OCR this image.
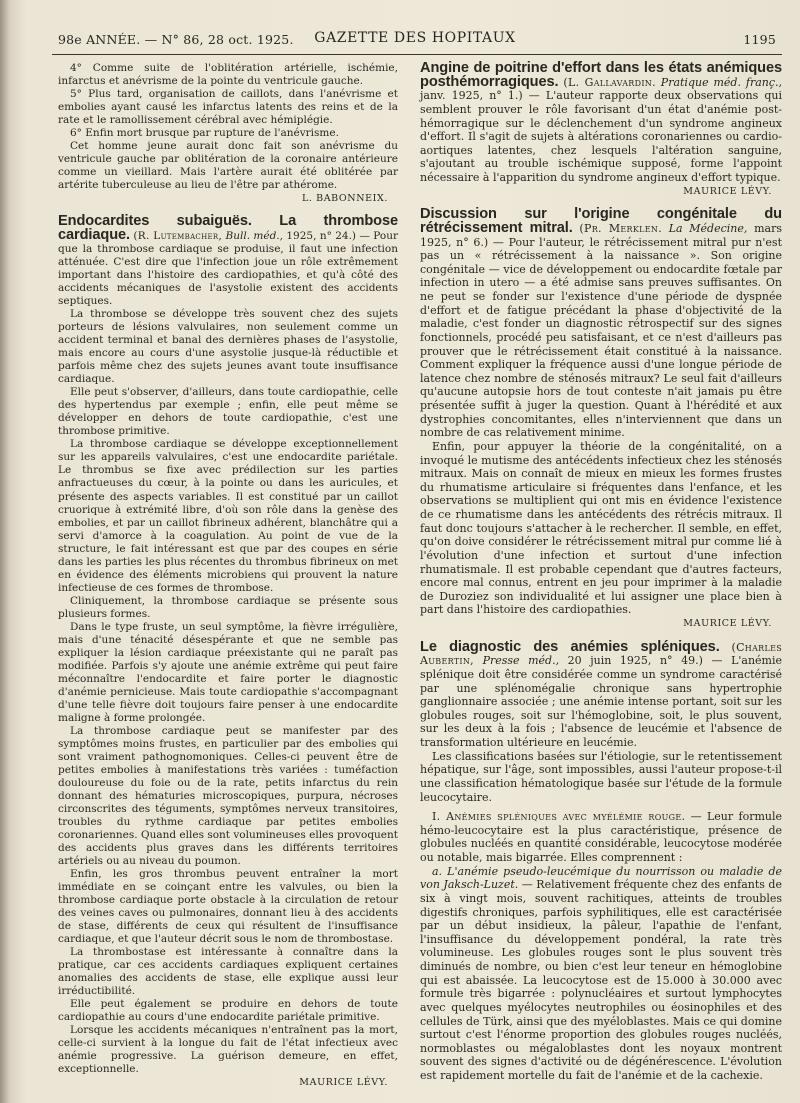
98e ANNÉE. — N° 86, 28 oct. 1925.	GAZETTE DES HOPITAUX	1195

4° Comme suite de l'oblitération artérielle, ischémie, infarctus et anévrisme de la pointe du ventricule gauche.

5° Plus tard, organisation de caillots, dans l'anévrisme et embolies ayant causé les infarctus latents des reins et de la rate et le ramollissement cérébral avec hémiplégie.

6° Enfin mort brusque par rupture de l'anévrisme.

Cet homme jeune aurait donc fait son anévrisme du ventricule gauche par oblitération de la coronaire antérieure comme un vieillard. Mais l'artère aurait été oblitérée par artérite tuberculeuse au lieu de l'être par athérome.

L. BABONNEIX.

Endocardites subaiguës. La thrombose cardiaque. (R. Lutembacher, Bull. méd., 1925, n° 24.) — Pour que la thrombose cardiaque se produise, il faut une infection atténuée. C'est dire que l'infection joue un rôle extrêmement important dans l'histoire des cardiopathies, et qu'à côté des accidents mécaniques de l'asystolie existent des accidents septiques.

La thrombose se développe très souvent chez des sujets porteurs de lésions valvulaires, non seulement comme un accident terminal et banal des dernières phases de l'asystolie, mais encore au cours d'une asystolie jusque-là réductible et parfois même chez des sujets jeunes avant toute insuffisance cardiaque.

Elle peut s'observer, d'ailleurs, dans toute cardiopathie, celle des hypertendus par exemple ; enfin, elle peut même se développer en dehors de toute cardiopathie, c'est une thrombose primitive.

La thrombose cardiaque se développe exceptionnellement sur les appareils valvulaires, c'est une endocardite pariétale. Le thrombus se fixe avec prédilection sur les parties anfractueuses du cœur, à la pointe ou dans les auricules, et présente des aspects variables. Il est constitué par un caillot cruorique à extrémité libre, d'où son rôle dans la genèse des embolies, et par un caillot fibrineux adhérent, blanchâtre qui a servi d'amorce à la coagulation. Au point de vue de la structure, le fait intéressant est que par des coupes en série dans les parties les plus récentes du thrombus fibrineux on met en évidence des éléments microbiens qui prouvent la nature infectieuse de ces formes de thrombose.

Cliniquement, la thrombose cardiaque se présente sous plusieurs formes.

Dans le type fruste, un seul symptôme, la fièvre irrégulière, mais d'une ténacité désespérante et que ne semble pas expliquer la lésion cardiaque préexistante qui ne paraît pas modifiée. Parfois s'y ajoute une anémie extrême qui peut faire méconnaître l'endocardite et faire porter le diagnostic d'anémie pernicieuse. Mais toute cardiopathie s'accompagnant d'une telle fièvre doit toujours faire penser à une endocardite maligne à forme prolongée.

La thrombose cardiaque peut se manifester par des symptômes moins frustes, en particulier par des embolies qui sont vraiment pathognomoniques. Celles-ci peuvent être de petites embolies à manifestations très variées : tuméfaction douloureuse du foie ou de la rate, petits infarctus du rein donnant des hématuries microscopiques, purpura, nécroses circonscrites des téguments, symptômes nerveux transitoires, troubles du rythme cardiaque par petites embolies coronariennes. Quand elles sont volumineuses elles provoquent des accidents plus graves dans les différents territoires artériels ou au niveau du poumon.

Enfin, les gros thrombus peuvent entraîner la mort immédiate en se coinçant entre les valvules, ou bien la thrombose cardiaque porte obstacle à la circulation de retour des veines caves ou pulmonaires, donnant lieu à des accidents de stase, différents de ceux qui résultent de l'insuffisance cardiaque, et que l'auteur décrit sous le nom de thrombostase.

La thrombostase est intéressante à connaître dans la pratique, car ces accidents cardiaques expliquent certaines anomalies des accidents de stase, elle explique aussi leur irréductibilité.

Elle peut également se produire en dehors de toute cardiopathie au cours d'une endocardite pariétale primitive.

Lorsque les accidents mécaniques n'entraînent pas la mort, celle-ci survient à la longue du fait de l'état infectieux avec anémie progressive. La guérison demeure, en effet, exceptionnelle.

MAURICE LÉVY.

Angine de poitrine d'effort dans les états anémiques posthémorragiques. (L. Gallavardin. Pratique méd. franç., janv. 1925, n° 1.) — L'auteur rapporte deux observations qui semblent prouver le rôle favorisant d'un état d'anémie post-hémorragique sur le déclenchement d'un syndrome angineux d'effort. Il s'agit de sujets à altérations coronariennes ou cardio-aortiques latentes, chez lesquels l'altération sanguine, s'ajoutant au trouble ischémique supposé, forme l'appoint nécessaire à l'apparition du syndrome angineux d'effort typique.

MAURICE LÉVY.

Discussion sur l'origine congénitale du rétrécissement mitral. (Pr. Merklen. La Médecine, mars 1925, n° 6.) — Pour l'auteur, le rétrécissement mitral pur n'est pas un « rétrécissement à la naissance ». Son origine congénitale — vice de développement ou endocardite fœtale par infection in utero — a été admise sans preuves suffisantes. On ne peut se fonder sur l'existence d'une période de dyspnée d'effort et de fatigue précédant la phase d'objectivité de la maladie, c'est fonder un diagnostic rétrospectif sur des signes fonctionnels, procédé peu satisfaisant, et ce n'est d'ailleurs pas prouver que le rétrécissement était constitué à la naissance. Comment expliquer la fréquence aussi d'une longue période de latence chez nombre de sténosés mitraux? Le seul fait d'ailleurs qu'aucune autopsie hors de tout conteste n'ait jamais pu être présentée suffit à juger la question. Quant à l'hérédité et aux dystrophies concomitantes, elles n'interviennent que dans un nombre de cas relativement minime.

Enfin, pour appuyer la théorie de la congénitalité, on a invoqué le mutisme des antécédents infectieux chez les sténosés mitraux. Mais on connaît de mieux en mieux les formes frustes du rhumatisme articulaire si fréquentes dans l'enfance, et les observations se multiplient qui ont mis en évidence l'existence de ce rhumatisme dans les antécédents des rétrécis mitraux. Il faut donc toujours s'attacher à le rechercher. Il semble, en effet, qu'on doive considérer le rétrécissement mitral pur comme lié à l'évolution d'une infection et surtout d'une infection rhumatismale. Il est probable cependant que d'autres facteurs, encore mal connus, entrent en jeu pour imprimer à la maladie de Duroziez son individualité et lui assigner une place bien à part dans l'histoire des cardiopathies.

MAURICE LÉVY.

Le diagnostic des anémies spléniques. (Charles Aubertin, Presse méd., 20 juin 1925, n° 49.) — L'anémie splénique doit être considérée comme un syndrome caractérisé par une splénomégalie chronique sans hypertrophie ganglionnaire associée ; une anémie intense portant, soit sur les globules rouges, soit sur l'hémoglobine, soit, le plus souvent, sur les deux à la fois ; l'absence de leucémie et l'absence de transformation ultérieure en leucémie.

Les classifications basées sur l'étiologie, sur le retentissement hépatique, sur l'âge, sont impossibles, aussi l'auteur propose-t-il une classification hématologique basée sur l'étude de la formule leucocytaire.

I. Anémies spléniques avec myélémie rouge. — Leur formule hémo-leucocytaire est la plus caractéristique, présence de globules nucléés en quantité considérable, leucocytose modérée ou notable, mais bigarrée. Elles comprennent :

a. L'anémie pseudo-leucémique du nourrisson ou maladie de von Jaksch-Luzet. — Relativement fréquente chez des enfants de six à vingt mois, souvent rachitiques, atteints de troubles digestifs chroniques, parfois syphilitiques, elle est caractérisée par un début insidieux, la pâleur, l'apathie de l'enfant, l'insuffisance du développement pondéral, la rate très volumineuse. Les globules rouges sont le plus souvent très diminués de nombre, ou bien c'est leur teneur en hémoglobine qui est abaissée. La leucocytose est de 15.000 à 30.000 avec formule très bigarrée : polynucléaires et surtout lymphocytes avec quelques myélocytes neutrophiles ou éosinophiles et des cellules de Türk, ainsi que des myéloblastes. Mais ce qui domine surtout c'est l'énorme proportion des globules rouges nucléés, normoblastes ou mégaloblastes dont les noyaux montrent souvent des signes d'activité ou de dégénérescence. L'évolution est rapidement mortelle du fait de l'anémie et de la cachexie.
